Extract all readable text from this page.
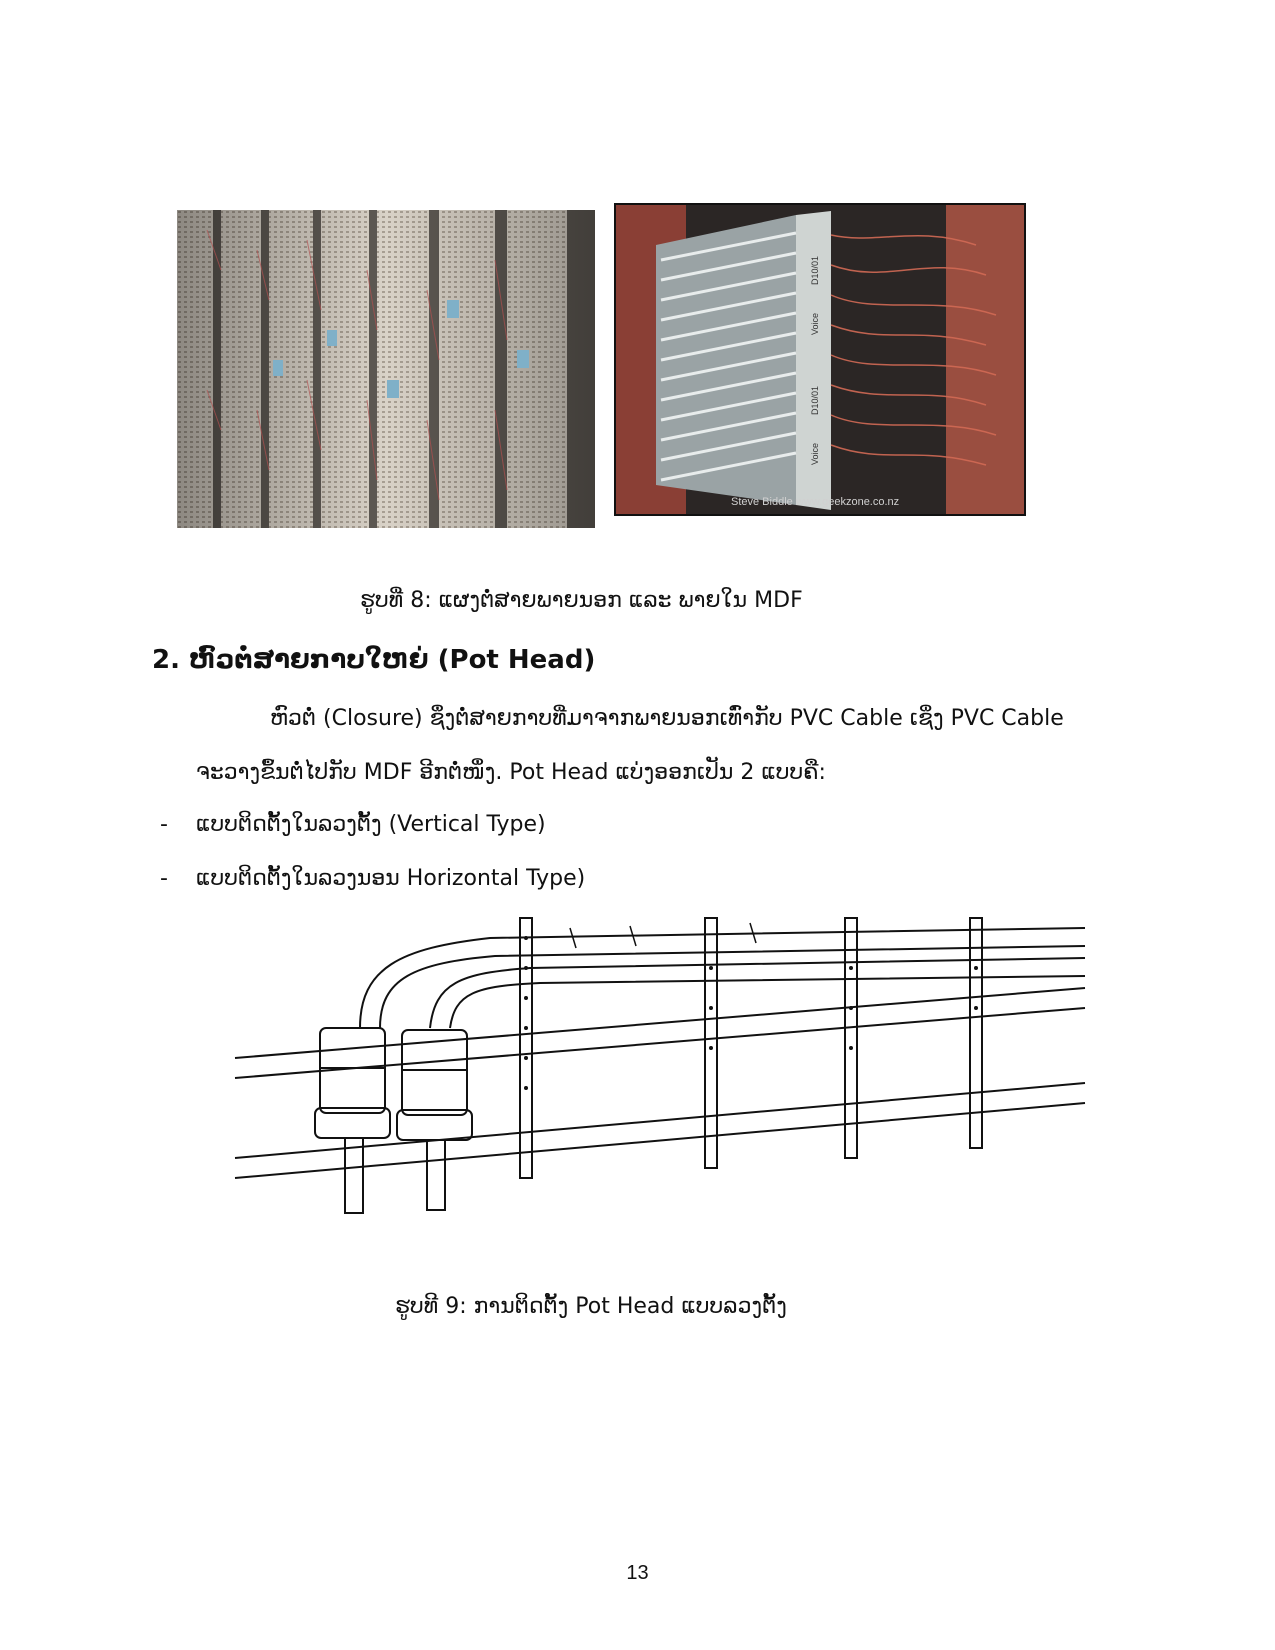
Steve Biddle www.geekzone.co.nz
Voice
D10/01
Voice
D10/01
ຮູບທີ່ 8: ແຜງຕໍ່ສາຍພາຍນອກ ແລະ ພາຍໃນ MDF
2. ຫົວຕໍ່ສາຍກາບໃຫຍ່ (Pot Head)
ຫົວຕໍ່ (Closure) ຊຶ່ງຕໍ່ສາຍກາບທີ່ມາຈາກພາຍນອກເທົ່າກັບ PVC Cable ເຊິ່ງ PVC Cable
ຈະວາງຂຶ້ນຕໍ່ໄປກັບ MDF ອີກຕໍ່ໜຶ່ງ. Pot Head ແບ່ງອອກເປັນ 2 ແບບຄື:
- ແບບຕິດຕັ້ງໃນລວງຕັ້ງ (Vertical Type)
- ແບບຕິດຕັ້ງໃນລວງນອນ Horizontal Type)
ຮູບທີ 9: ການຕິດຕັ້ງ Pot Head ແບບລວງຕັ້ງ
13
